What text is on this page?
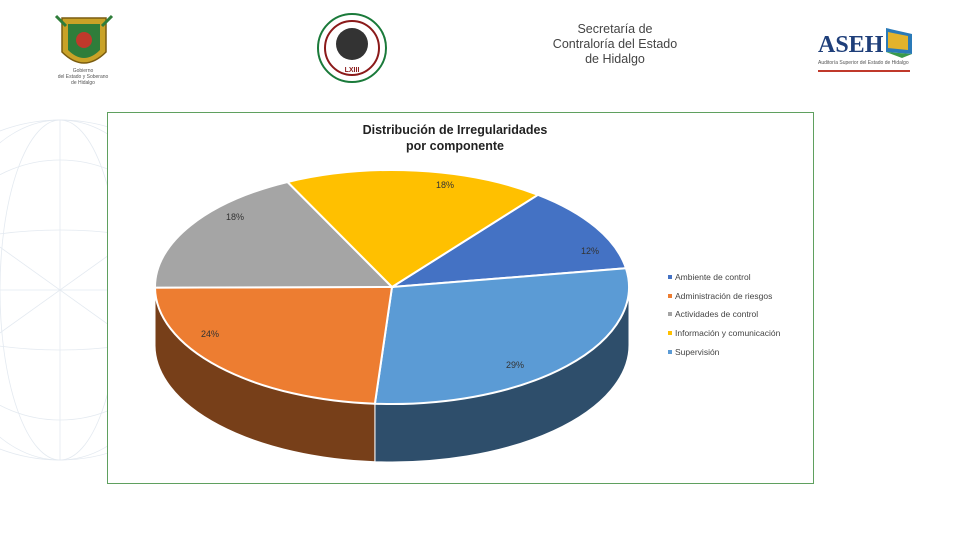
Gobierno
del Estado y Soberano
de Hidalgo
LXIII
Secretaría de
Contraloría del Estado
de Hidalgo
ASEH
Auditoría Superior del Estado de Hidalgo
Distribución de Irregularidades
por componente
12%
29%
24%
18%
18%
Ambiente de control
Administración de riesgos
Actividades de control
Información y comunicación
Supervisión
